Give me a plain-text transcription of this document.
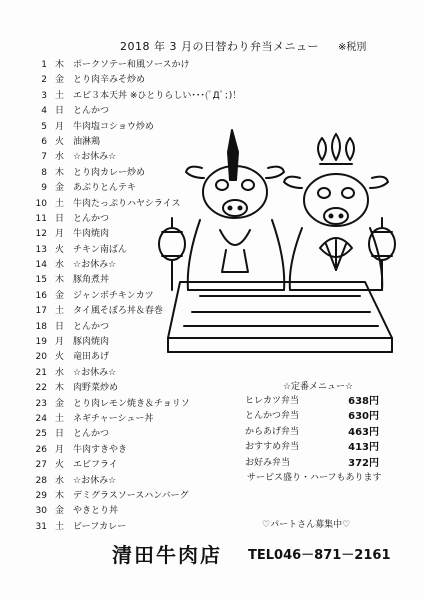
2018 年 3 月の日替わり弁当メニュー ※税別
1 木 ポークソテー和風ソースかけ
2 金 とり肉辛みそ炒め
3 土 エビ３本天丼 ※ひとりらしい･･･(ﾟДﾟ；)！
4 日 とんかつ
5 月 牛肉塩コショウ炒め
6 火 油淋鶏
7 水 ☆お休み☆
8 木 とり肉カレー炒め
9 金 あぶりとんテキ
10 土 牛肉たっぷりハヤシライス
11 日 とんかつ
12 月 牛肉焼肉
13 火 チキン南ばん
14 水 ☆お休み☆
15 木 豚角煮丼
16 金 ジャンボチキンカツ
17 土 タイ風そぼろ丼＆春巻
18 日 とんかつ
19 月 豚肉焼肉
20 火 竜田あげ
21 水 ☆お休み☆
22 木 肉野菜炒め
23 金 とり肉レモン焼き＆チョリソ
24 土 ネギチャーシュー丼
25 日 とんかつ
26 月 牛肉すきやき
27 火 エビフライ
28 水 ☆お休み☆
29 木 デミグラスソースハンバーグ
30 金 やきとり丼
31 土 ビーフカレー
☆定番メニュー☆
ヒレカツ弁当	638円
とんかつ弁当	630円
からあげ弁当	463円
おすすめ弁当	413円
お好み弁当	372円
サービス盛り・ハーフもあります
♡パートさん募集中♡
清田牛肉店 TEL046－871－2161
